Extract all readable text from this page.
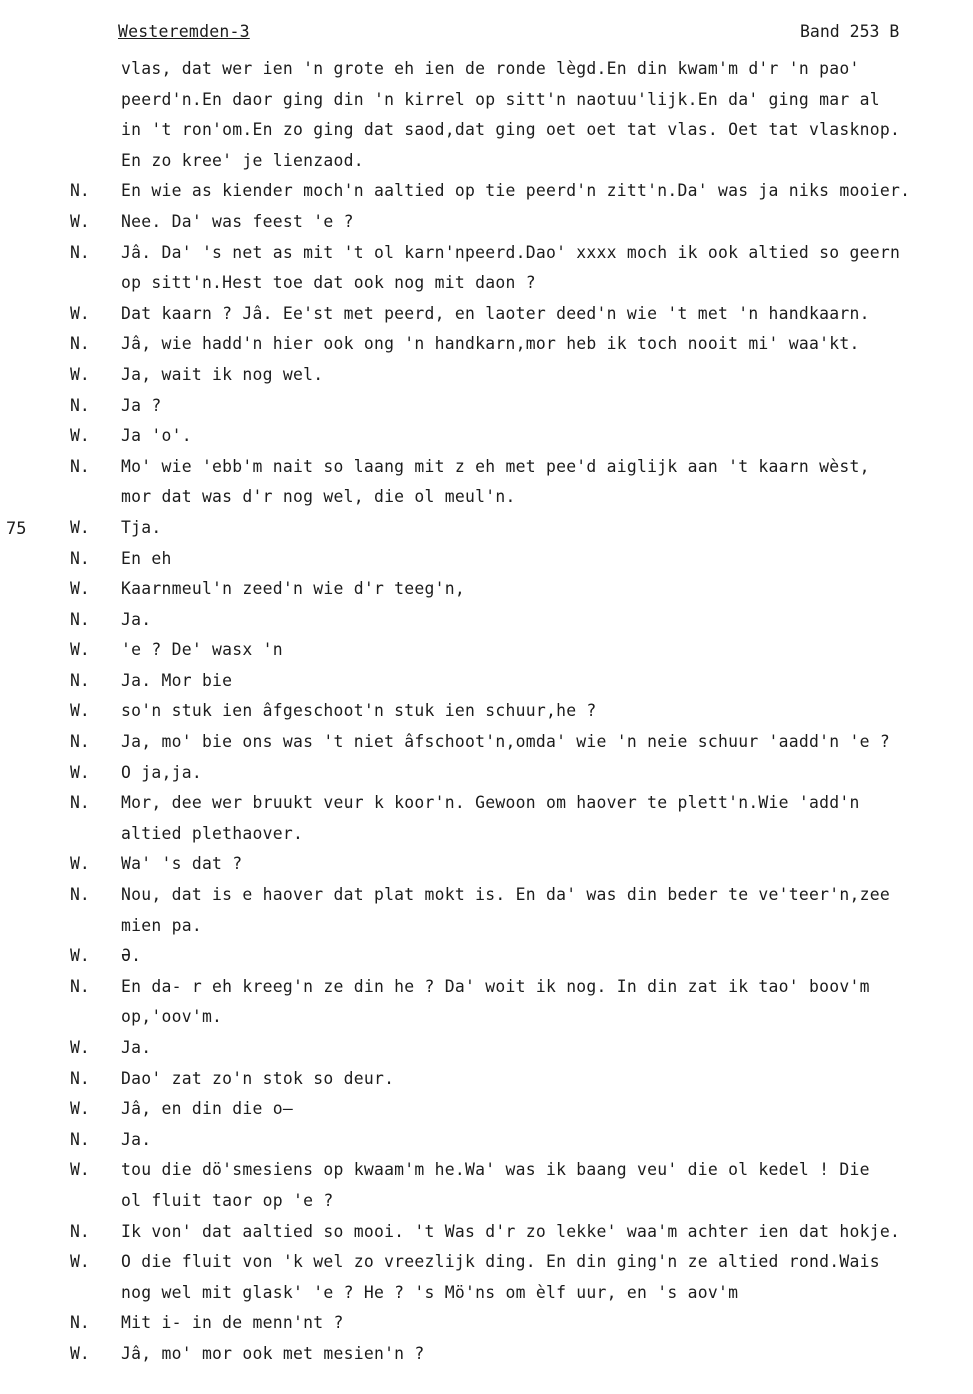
Westeremden-3	Band 253 B
75
vlas, dat wer ien 'n grote eh ien de ronde lègd.En din kwam'm d'r 'n pao'
peerd'n.En daor ging din 'n kirrel op sitt'n naotuu'lijk.En da' ging mar al
in 't ron'om.En zo ging dat saod,dat ging oet oet tat vlas. Oet tat vlasknop.
En zo kree' je lienzaod.
N. En wie as kiender moch'n aaltied op tie peerd'n zitt'n.Da' was ja niks mooier.
W. Nee. Da' was feest 'e ?
N. Jâ. Da' 's net as mit 't ol karn'npeerd.Dao' xxxx moch ik ook altied so geern
op sitt'n.Hest toe dat ook nog mit daon ?
W. Dat kaarn ? Jâ. Ee'st met peerd, en laoter deed'n wie 't met 'n handkaarn.
N. Jâ, wie hadd'n hier ook ong 'n handkarn,mor heb ik toch nooit mi' waa'kt.
W. Ja, wait ik nog wel.
N. Ja ?
W. Ja 'o'.
N. Mo' wie 'ebb'm nait so laang mit z eh met pee'd aiglijk aan 't kaarn wèst,
mor dat was d'r nog wel, die ol meul'n.
W. Tja.
N. En eh
W. Kaarnmeul'n zeed'n wie d'r teeg'n,
N. Ja.
W. 'e ? De' wasx 'n
N. Ja. Mor bie
W. so'n stuk ien âfgeschoot'n stuk ien schuur,he ?
N. Ja, mo' bie ons was 't niet âfschoot'n,omda' wie 'n neie schuur 'aadd'n 'e ?
W. O ja,ja.
N. Mor, dee wer bruukt veur k koor'n. Gewoon om haover te plett'n.Wie 'add'n
altied plethaover.
W. Wa' 's dat ?
N. Nou, dat is e haover dat plat mokt is. En da' was din beder te ve'teer'n,zee
mien pa.
W. Ə.
N. En da- r eh kreeg'n ze din he ? Da' woit ik nog. In din zat ik tao' boov'm
op,'oov'm.
W. Ja.
N. Dao' zat zo'n stok so deur.
W. Jâ, en din die o—
N. Ja.
W. tou die dö'smesiens op kwaam'm he.Wa' was ik baang veu' die ol kedel ! Die
ol fluit taor op 'e ?
N. Ik von' dat aaltied so mooi. 't Was d'r zo lekke' waa'm achter ien dat hokje.
W. O die fluit von 'k wel zo vreezlijk ding. En din ging'n ze altied rond.Wais
nog wel mit glask' 'e ? He ? 's Mö'ns om èlf uur, en 's aov'm
N. Mit i- in de menn'nt ?
W. Jâ, mo' mor ook met mesien'n ?
